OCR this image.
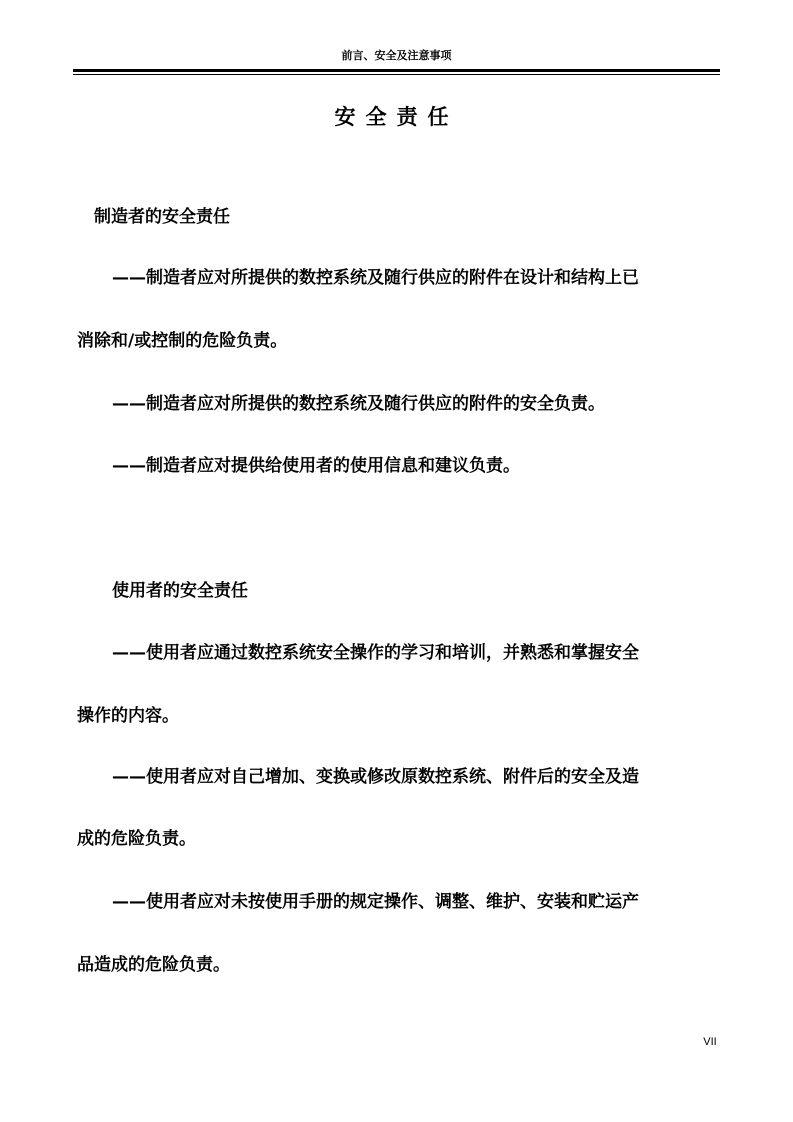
前言、安全及注意事项
安全责任
制造者的安全责任
——制造者应对所提供的数控系统及随行供应的附件在设计和结构上已
消除和/或控制的危险负责。
——制造者应对所提供的数控系统及随行供应的附件的安全负责。
——制造者应对提供给使用者的使用信息和建议负责。
使用者的安全责任
——使用者应通过数控系统安全操作的学习和培训，并熟悉和掌握安全
操作的内容。
——使用者应对自己增加、变换或修改原数控系统、附件后的安全及造
成的危险负责。
——使用者应对未按使用手册的规定操作、调整、维护、安装和贮运产
品造成的危险负责。
VII
